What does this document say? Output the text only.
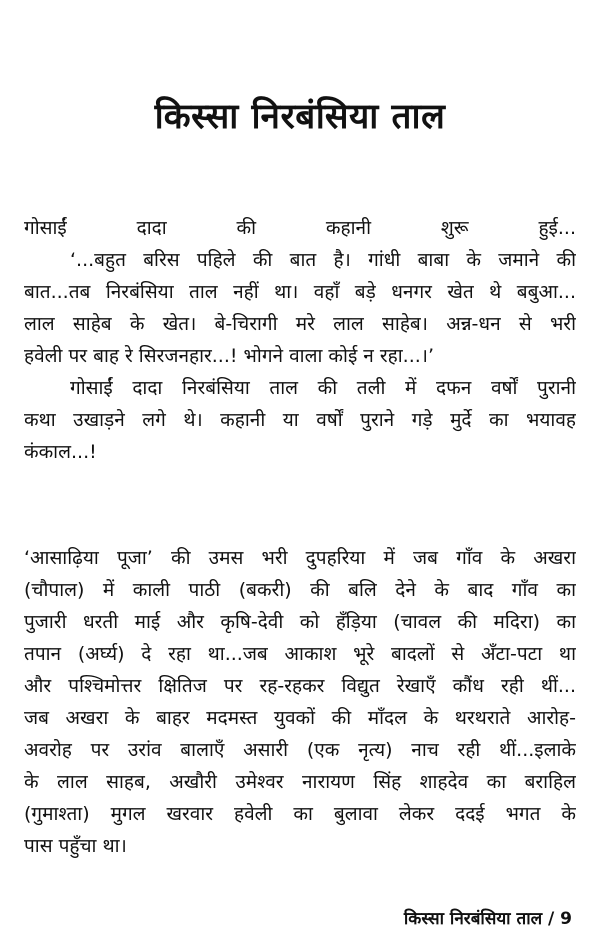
किस्सा निरबंसिया ताल
गोसाईं दादा की कहानी शुरू हुई...
‘...बहुत बरिस पहिले की बात है। गांधी बाबा के जमाने की
बात...तब निरबंसिया ताल नहीं था। वहाँ बड़े धनगर खेत थे बबुआ...
लाल साहेब के खेत। बे-चिरागी मरे लाल साहेब। अन्न-धन से भरी
हवेली पर बाह रे सिरजनहार...! भोगने वाला कोई न रहा...।’
गोसाईं दादा निरबंसिया ताल की तली में दफन वर्षों पुरानी
कथा उखाड़ने लगे थे। कहानी या वर्षों पुराने गड़े मुर्दे का भयावह
कंकाल...!
‘आसाढ़िया पूजा’ की उमस भरी दुपहरिया में जब गाँव के अखरा
(चौपाल) में काली पाठी (बकरी) की बलि देने के बाद गाँव का
पुजारी धरती माई और कृषि-देवी को हँड़िया (चावल की मदिरा) का
तपान (अर्घ्य) दे रहा था...जब आकाश भूरे बादलों से अँटा-पटा था
और पश्चिमोत्तर क्षितिज पर रह-रहकर विद्युत रेखाएँ कौंध रही थीं...
जब अखरा के बाहर मदमस्त युवकों की माँदल के थरथराते आरोह-
अवरोह पर उरांव बालाएँ असारी (एक नृत्य) नाच रही थीं...इलाके
के लाल साहब, अखौरी उमेश्वर नारायण सिंह शाहदेव का बराहिल
(गुमाश्ता) मुगल खरवार हवेली का बुलावा लेकर ददई भगत के
पास पहुँचा था।
किस्सा निरबंसिया ताल / 9
